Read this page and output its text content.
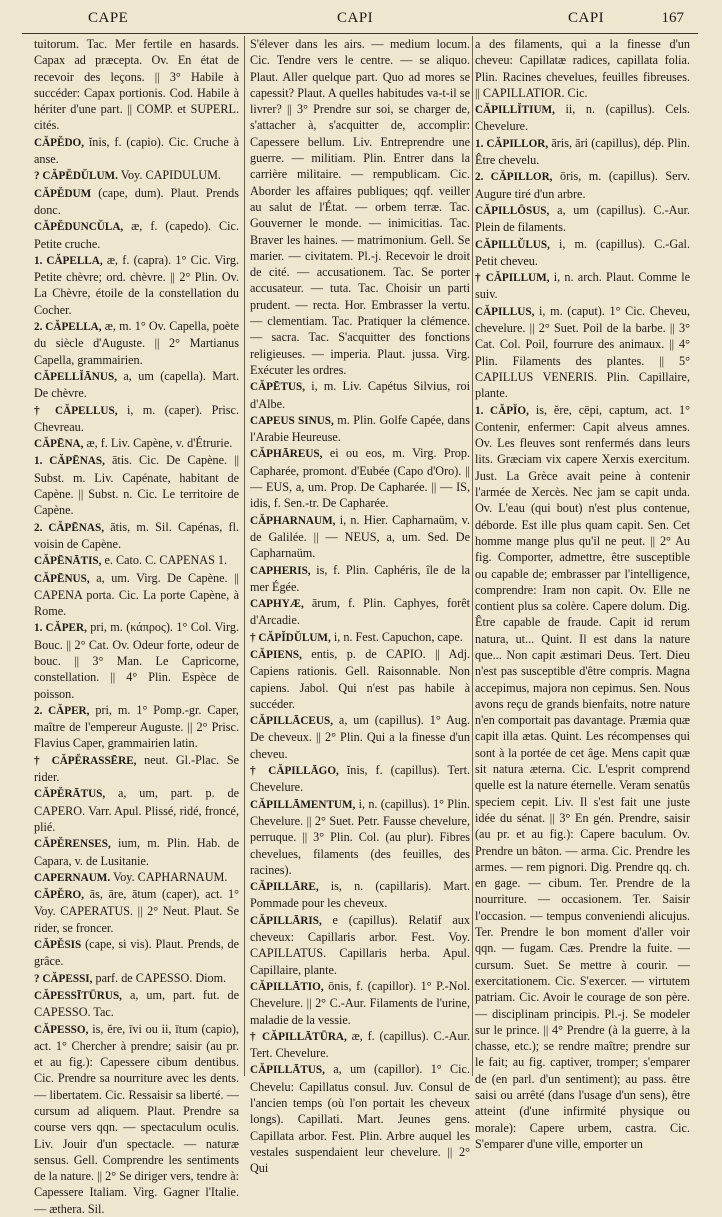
CAPE	CAPI	CAPI	167

tuitorum. Tac. Mer fertile en hasards. Capax ad præcepta. Ov. En état de recevoir des leçons. || 3° Habile à succéder: Capax portionis. Cod. Habile à hériter d'une part. || COMP. et SUPERL. cités.

CĂPĔDO, ĭnis, f. (capio). Cic. Cruche à anse.

? CĂPĔDŬLUM. Voy. CAPIDULUM.

CĂPĔDUM (cape, dum). Plaut. Prends donc.

CĂPĔDUNCŬLA, æ, f. (capedo). Cic. Petite cruche.

1. CĂPELLA, æ, f. (capra). 1° Cic. Virg. Petite chèvre; ord. chèvre. || 2° Plin. Ov. La Chèvre, étoile de la constellation du Cocher.

2. CĂPELLA, æ, m. 1° Ov. Capella, poète du siècle d'Auguste. || 2° Martianus Capella, grammairien.

CĂPELLĬĀNUS, a, um (capella). Mart. De chèvre.

† CĂPELLUS, i, m. (caper). Prisc. Chevreau.

CĂPĒNA, æ, f. Liv. Capène, v. d'Étrurie.

1. CĂPĒNAS, ātis. Cic. De Capène. || Subst. m. Liv. Capénate, habitant de Capène. || Subst. n. Cic. Le territoire de Capène.

2. CĂPĒNAS, ātis, m. Sil. Capénas, fl. voisin de Capène.

CĂPĒNĀTIS, e. Cato. C. CAPENAS 1.

CĂPĒNUS, a, um. Virg. De Capène. || CAPENA porta. Cic. La porte Capène, à Rome.

1. CĂPER, pri, m. (κάπρος). 1° Col. Virg. Bouc. || 2° Cat. Ov. Odeur forte, odeur de bouc. || 3° Man. Le Capricorne, constellation. || 4° Plin. Espèce de poisson.

2. CĂPER, pri, m. 1° Pomp.-gr. Caper, maître de l'empereur Auguste. || 2° Prisc. Flavius Caper, grammairien latin.

† CĂPĔRASSĒRE, neut. Gl.-Plac. Se rider.

CĂPĔRĀTUS, a, um, part. p. de CAPERO. Varr. Apul. Plissé, ridé, froncé, plié.

CĂPĔRENSES, ium, m. Plin. Hab. de Capara, v. de Lusitanie.

CAPERNAUM. Voy. CAPHARNAUM.

CĂPĔRO, ās, āre, ātum (caper), act. 1° Voy. CAPERATUS. || 2° Neut. Plaut. Se rider, se froncer.

CĂPĔSIS (cape, si vis). Plaut. Prends, de grâce.

? CĂPESSI, parf. de CAPESSO. Diom.

CĂPESSĪTŪRUS, a, um, part. fut. de CAPESSO. Tac.

CĂPESSO, is, ĕre, īvi ou ii, ītum (capio), act. 1° Chercher à prendre; saisir (au pr. et au fig.): Capessere cibum dentibus. Cic. Prendre sa nourriture avec les dents. — libertatem. Cic. Ressaisir sa liberté. — cursum ad aliquem. Plaut. Prendre sa course vers qqn. — spectaculum oculis. Liv. Jouir d'un spectacle. — naturæ sensus. Gell. Comprendre les sentiments de la nature. || 2° Se diriger vers, tendre à: Capessere Italiam. Virg. Gagner l'Italie. — æthera. Sil.

S'élever dans les airs. — medium locum. Cic. Tendre vers le centre. — se aliquo. Plaut. Aller quelque part. Quo ad mores se capessit? Plaut. A quelles habitudes va-t-il se livrer? || 3° Prendre sur soi, se charger de, s'attacher à, s'acquitter de, accomplir: Capessere bellum. Liv. Entreprendre une guerre. — militiam. Plin. Entrer dans la carrière militaire. — rempublicam. Cic. Aborder les affaires publiques; qqf. veiller au salut de l'État. — orbem terræ. Tac. Gouverner le monde. — inimicitias. Tac. Braver les haines. — matrimonium. Gell. Se marier. — civitatem. Pl.-j. Recevoir le droit de cité. — accusationem. Tac. Se porter accusateur. — tuta. Tac. Choisir un parti prudent. — recta. Hor. Embrasser la vertu. — clementiam. Tac. Pratiquer la clémence. — sacra. Tac. S'acquitter des fonctions religieuses. — imperia. Plaut. jussa. Virg. Exécuter les ordres.

CĂPĒTUS, i, m. Liv. Capétus Silvius, roi d'Albe.

CAPEUS SINUS, m. Plin. Golfe Capée, dans l'Arabie Heureuse.

CĂPHĀREUS, ei ou eos, m. Virg. Prop. Capharée, promont. d'Eubée (Capo d'Oro). || — EUS, a, um. Prop. De Capharée. || — IS, idis, f. Sen.-tr. De Capharée.

CĂPHARNAUM, i, n. Hier. Capharnaüm, v. de Galilée. || — NEUS, a, um. Sed. De Capharnaüm.

CAPHERIS, is, f. Plin. Caphéris, île de la mer Égée.

CAPHYÆ, ārum, f. Plin. Caphyes, forêt d'Arcadie.

† CĂPĬDŬLUM, i, n. Fest. Capuchon, cape.

CĂPIENS, entis, p. de CAPIO. || Adj. Capiens rationis. Gell. Raisonnable. Non capiens. Jabol. Qui n'est pas habile à succéder.

CĂPILLĀCEUS, a, um (capillus). 1° Aug. De cheveux. || 2° Plin. Qui a la finesse d'un cheveu.

† CĂPILLĀGO, ĭnis, f. (capillus). Tert. Chevelure.

CĂPILLĀMENTUM, i, n. (capillus). 1° Plin. Chevelure. || 2° Suet. Petr. Fausse chevelure, perruque. || 3° Plin. Col. (au plur). Fibres chevelues, filaments (des feuilles, des racines).

CĂPILLĀRE, is, n. (capillaris). Mart. Pommade pour les cheveux.

CĂPILLĀRIS, e (capillus). Relatif aux cheveux: Capillaris arbor. Fest. Voy. CAPILLATUS. Capillaris herba. Apul. Capillaire, plante.

CĂPILLĀTIO, ōnis, f. (capillor). 1° P.-Nol. Chevelure. || 2° C.-Aur. Filaments de l'urine, maladie de la vessie.

† CĂPILLĀTŪRA, æ, f. (capillus). C.-Aur. Tert. Chevelure.

CĂPILLĀTUS, a, um (capillor). 1° Cic. Chevelu: Capillatus consul. Juv. Consul de l'ancien temps (où l'on portait les cheveux longs). Capillati. Mart. Jeunes gens. Capillata arbor. Fest. Plin. Arbre auquel les vestales suspendaient leur chevelure. || 2° Qui

a des filaments, qui a la finesse d'un cheveu: Capillatæ radices, capillata folia. Plin. Racines chevelues, feuilles fibreuses. || CAPILLATIOR. Cic.

CĂPILLĬTIUM, ii, n. (capillus). Cels. Chevelure.

1. CĂPILLOR, āris, āri (capillus), dép. Plin. Être chevelu.

2. CĂPILLOR, ōris, m. (capillus). Serv. Augure tiré d'un arbre.

CĂPILLŌSUS, a, um (capillus). C.-Aur. Plein de filaments.

CĂPILLŬLUS, i, m. (capillus). C.-Gal. Petit cheveu.

† CĂPILLUM, i, n. arch. Plaut. Comme le suiv.

CĂPILLUS, i, m. (caput). 1° Cic. Cheveu, chevelure. || 2° Suet. Poil de la barbe. || 3° Cat. Col. Poil, fourrure des animaux. || 4° Plin. Filaments des plantes. || 5° CAPILLUS VENERIS. Plin. Capillaire, plante.

1. CĂPĬO, is, ĕre, cēpi, captum, act. 1° Contenir, enfermer: Capit alveus amnes. Ov. Les fleuves sont renfermés dans leurs lits. Græciam vix capere Xerxis exercitum. Just. La Grèce avait peine à contenir l'armée de Xercès. Nec jam se capit unda. Ov. L'eau (qui bout) n'est plus contenue, déborde. Est ille plus quam capit. Sen. Cet homme mange plus qu'il ne peut. || 2° Au fig. Comporter, admettre, être susceptible ou capable de; embrasser par l'intelligence, comprendre: Iram non capit. Ov. Elle ne contient plus sa colère. Capere dolum. Dig. Être capable de fraude. Capit id rerum natura, ut... Quint. Il est dans la nature que... Non capit æstimari Deus. Tert. Dieu n'est pas susceptible d'être compris. Magna accepimus, majora non cepimus. Sen. Nous avons reçu de grands bienfaits, notre nature n'en comportait pas davantage. Præmia quæ capit illa ætas. Quint. Les récompenses qui sont à la portée de cet âge. Mens capit quæ sit natura æterna. Cic. L'esprit comprend quelle est la nature éternelle. Veram senatûs speciem cepit. Liv. Il s'est fait une juste idée du sénat. || 3° En gén. Prendre, saisir (au pr. et au fig.): Capere baculum. Ov. Prendre un bâton. — arma. Cic. Prendre les armes. — rem pignori. Dig. Prendre qq. ch. en gage. — cibum. Ter. Prendre de la nourriture. — occasionem. Ter. Saisir l'occasion. — tempus conveniendi alicujus. Ter. Prendre le bon moment d'aller voir qqn. — fugam. Cæs. Prendre la fuite. — cursum. Suet. Se mettre à courir. — exercitationem. Cic. S'exercer. — virtutem patriam. Cic. Avoir le courage de son père. — disciplinam principis. Pl.-j. Se modeler sur le prince. || 4° Prendre (à la guerre, à la chasse, etc.); se rendre maître; prendre sur le fait; au fig. captiver, tromper; s'emparer de (en parl. d'un sentiment); au pass. être saisi ou arrêté (dans l'usage d'un sens), être atteint (d'une infirmité physique ou morale): Capere urbem, castra. Cic. S'emparer d'une ville, emporter un
